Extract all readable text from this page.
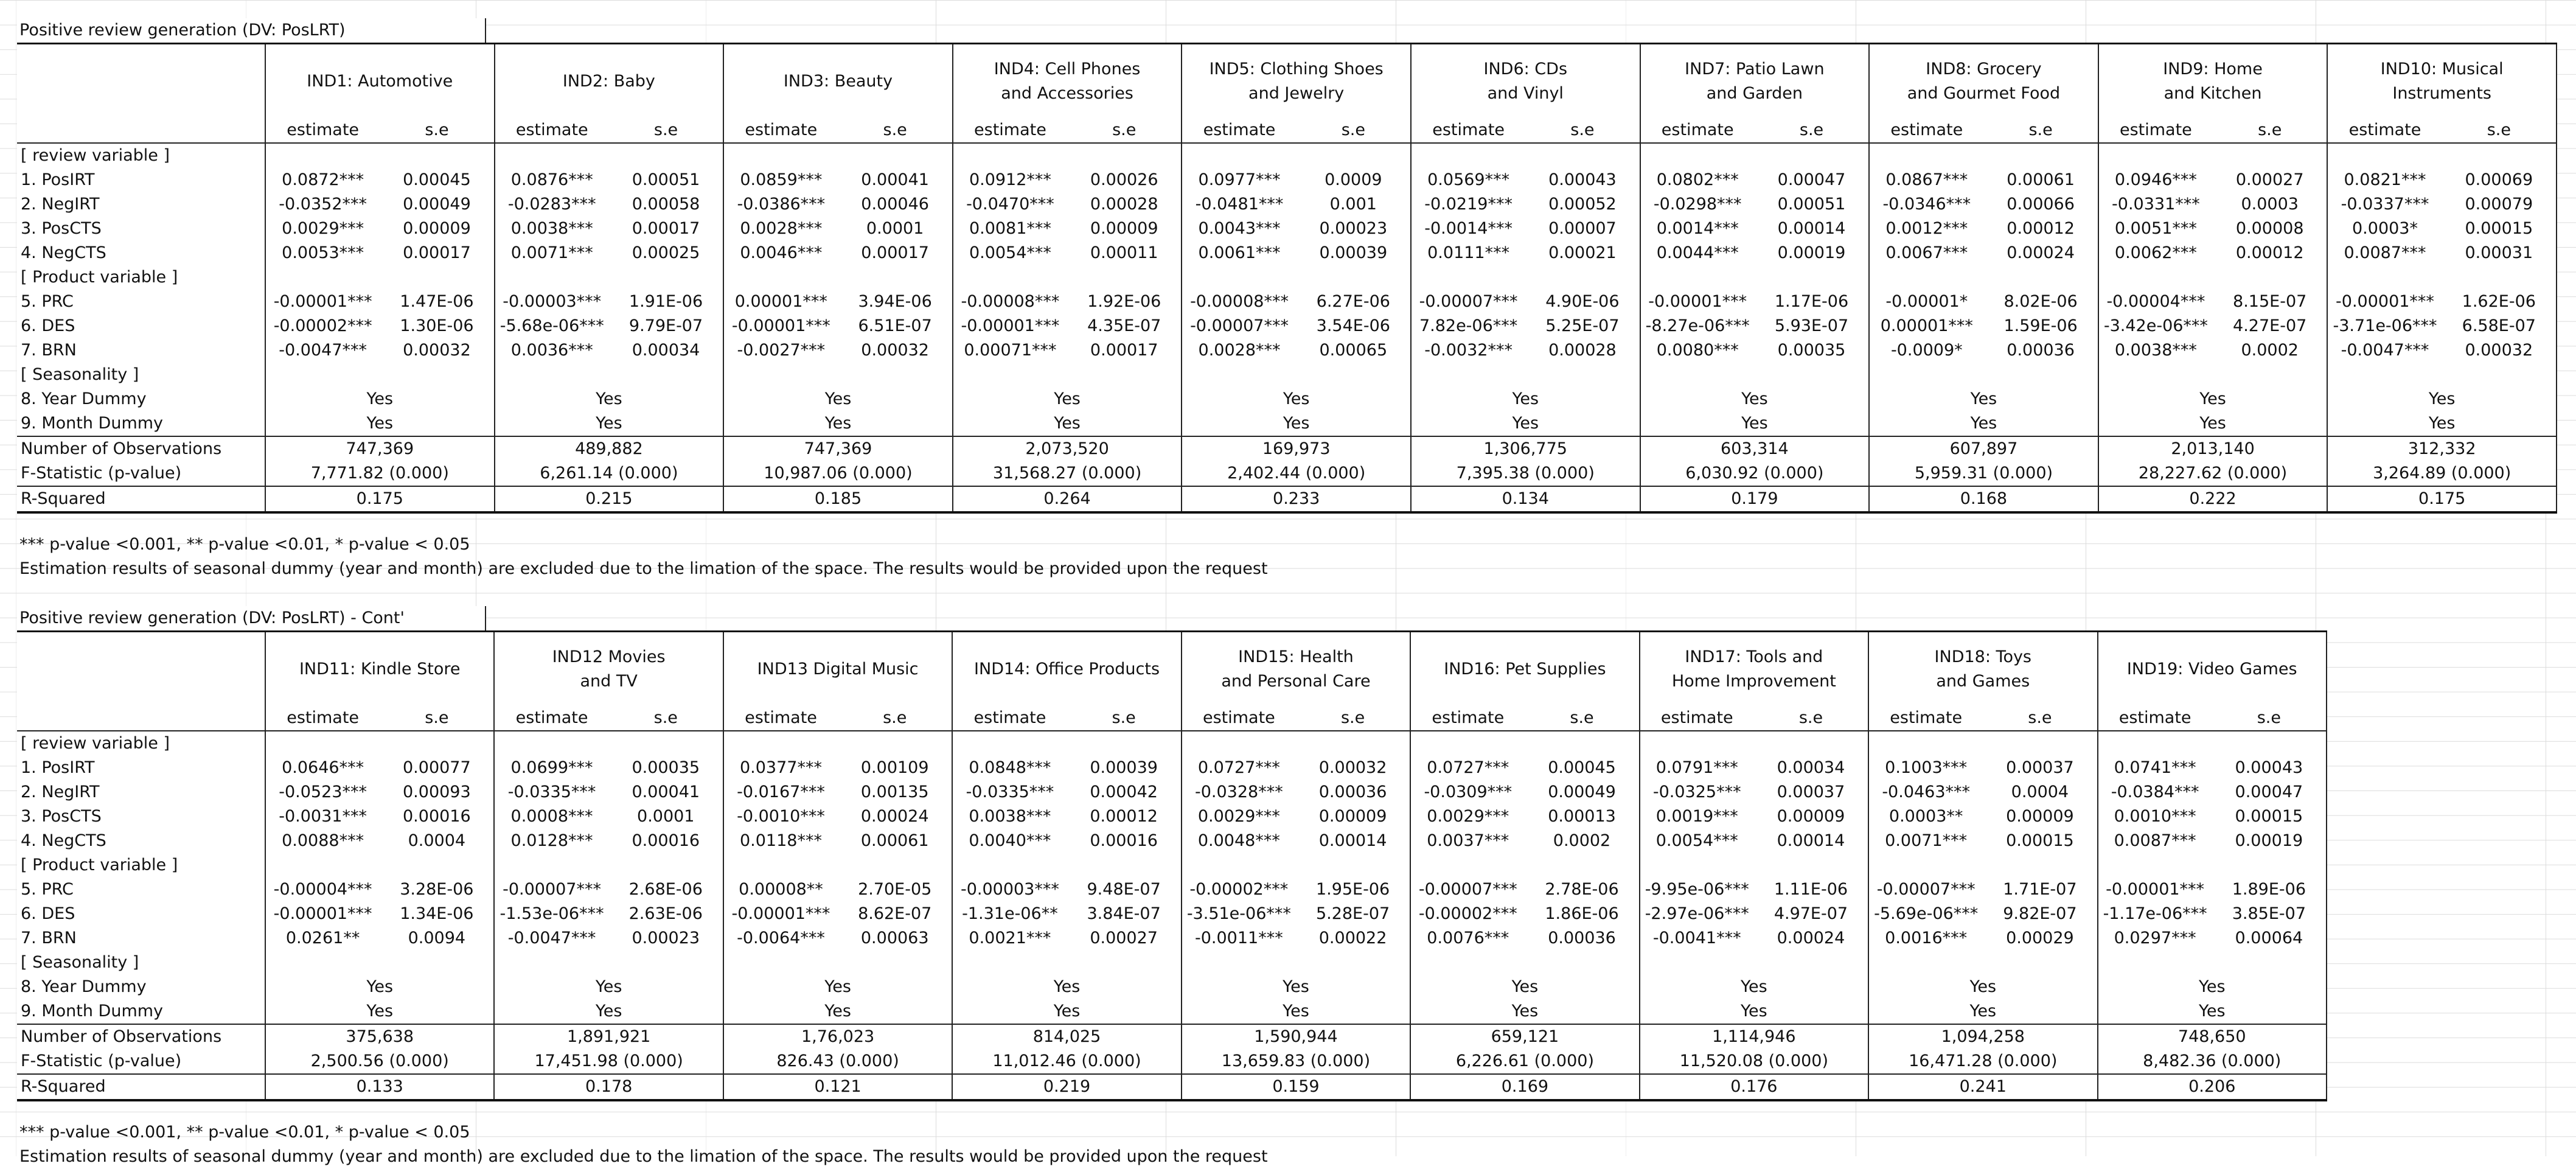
Positive review generation (DV: PosLRT)
	IND1: Automotive		IND2: Baby		IND3: Beauty		IND4: Cell Phones
and Accessories		IND5: Clothing Shoes
and Jewelry		IND6: CDs
and Vinyl		IND7: Patio Lawn
and Garden		IND8: Grocery
and Gourmet Food		IND9: Home
and Kitchen		IND10: Musical
Instruments	
	estimate	s.e	estimate	s.e	estimate	s.e	estimate	s.e	estimate	s.e	estimate	s.e	estimate	s.e	estimate	s.e	estimate	s.e	estimate	s.e
[ review variable ]																				
1. PosIRT	0.0872***	0.00045	0.0876***	0.00051	0.0859***	0.00041	0.0912***	0.00026	0.0977***	0.0009	0.0569***	0.00043	0.0802***	0.00047	0.0867***	0.00061	0.0946***	0.00027	0.0821***	0.00069
2. NegIRT	-0.0352***	0.00049	-0.0283***	0.00058	-0.0386***	0.00046	-0.0470***	0.00028	-0.0481***	0.001	-0.0219***	0.00052	-0.0298***	0.00051	-0.0346***	0.00066	-0.0331***	0.0003	-0.0337***	0.00079
3. PosCTS	0.0029***	0.00009	0.0038***	0.00017	0.0028***	0.0001	0.0081***	0.00009	0.0043***	0.00023	-0.0014***	0.00007	0.0014***	0.00014	0.0012***	0.00012	0.0051***	0.00008	0.0003*	0.00015
4. NegCTS	0.0053***	0.00017	0.0071***	0.00025	0.0046***	0.00017	0.0054***	0.00011	0.0061***	0.00039	0.0111***	0.00021	0.0044***	0.00019	0.0067***	0.00024	0.0062***	0.00012	0.0087***	0.00031
[ Product variable ]																				
5. PRC	-0.00001***	1.47E-06	-0.00003***	1.91E-06	0.00001***	3.94E-06	-0.00008***	1.92E-06	-0.00008***	6.27E-06	-0.00007***	4.90E-06	-0.00001***	1.17E-06	-0.00001*	8.02E-06	-0.00004***	8.15E-07	-0.00001***	1.62E-06
6. DES	-0.00002***	1.30E-06	-5.68e-06***	9.79E-07	-0.00001***	6.51E-07	-0.00001***	4.35E-07	-0.00007***	3.54E-06	7.82e-06***	5.25E-07	-8.27e-06***	5.93E-07	0.00001***	1.59E-06	-3.42e-06***	4.27E-07	-3.71e-06***	6.58E-07
7. BRN	-0.0047***	0.00032	0.0036***	0.00034	-0.0027***	0.00032	0.00071***	0.00017	0.0028***	0.00065	-0.0032***	0.00028	0.0080***	0.00035	-0.0009*	0.00036	0.0038***	0.0002	-0.0047***	0.00032
[ Seasonality ]																				
8. Year Dummy	Yes		Yes		Yes		Yes		Yes		Yes		Yes		Yes		Yes		Yes	
9. Month Dummy	Yes		Yes		Yes		Yes		Yes		Yes		Yes		Yes		Yes		Yes	
Number of Observations	747,369		489,882		747,369		2,073,520		169,973		1,306,775		603,314		607,897		2,013,140		312,332	
F-Statistic (p-value)	7,771.82 (0.000)		6,261.14 (0.000)		10,987.06 (0.000)		31,568.27 (0.000)		2,402.44 (0.000)		7,395.38 (0.000)		6,030.92 (0.000)		5,959.31 (0.000)		28,227.62 (0.000)		3,264.89 (0.000)	
R-Squared	0.175		0.215		0.185		0.264		0.233		0.134		0.179		0.168		0.222		0.175	
*** p-value <0.001, ** p-value <0.01, * p-value < 0.05
Estimation results of seasonal dummy (year and month) are excluded due to the limation of the space. The results would be provided upon the request
Positive review generation (DV: PosLRT) - Cont'
	IND11: Kindle Store		IND12 Movies
and TV		IND13 Digital Music		IND14: Office Products		IND15: Health
and Personal Care		IND16: Pet Supplies		IND17: Tools and
Home Improvement		IND18: Toys
and Games		IND19: Video Games	
	estimate	s.e	estimate	s.e	estimate	s.e	estimate	s.e	estimate	s.e	estimate	s.e	estimate	s.e	estimate	s.e	estimate	s.e
[ review variable ]																		
1. PosIRT	0.0646***	0.00077	0.0699***	0.00035	0.0377***	0.00109	0.0848***	0.00039	0.0727***	0.00032	0.0727***	0.00045	0.0791***	0.00034	0.1003***	0.00037	0.0741***	0.00043
2. NegIRT	-0.0523***	0.00093	-0.0335***	0.00041	-0.0167***	0.00135	-0.0335***	0.00042	-0.0328***	0.00036	-0.0309***	0.00049	-0.0325***	0.00037	-0.0463***	0.0004	-0.0384***	0.00047
3. PosCTS	-0.0031***	0.00016	0.0008***	0.0001	-0.0010***	0.00024	0.0038***	0.00012	0.0029***	0.00009	0.0029***	0.00013	0.0019***	0.00009	0.0003**	0.00009	0.0010***	0.00015
4. NegCTS	0.0088***	0.0004	0.0128***	0.00016	0.0118***	0.00061	0.0040***	0.00016	0.0048***	0.00014	0.0037***	0.0002	0.0054***	0.00014	0.0071***	0.00015	0.0087***	0.00019
[ Product variable ]																		
5. PRC	-0.00004***	3.28E-06	-0.00007***	2.68E-06	0.00008**	2.70E-05	-0.00003***	9.48E-07	-0.00002***	1.95E-06	-0.00007***	2.78E-06	-9.95e-06***	1.11E-06	-0.00007***	1.71E-07	-0.00001***	1.89E-06
6. DES	-0.00001***	1.34E-06	-1.53e-06***	2.63E-06	-0.00001***	8.62E-07	-1.31e-06**	3.84E-07	-3.51e-06***	5.28E-07	-0.00002***	1.86E-06	-2.97e-06***	4.97E-07	-5.69e-06***	9.82E-07	-1.17e-06***	3.85E-07
7. BRN	0.0261**	0.0094	-0.0047***	0.00023	-0.0064***	0.00063	0.0021***	0.00027	-0.0011***	0.00022	0.0076***	0.00036	-0.0041***	0.00024	0.0016***	0.00029	0.0297***	0.00064
[ Seasonality ]																		
8. Year Dummy	Yes		Yes		Yes		Yes		Yes		Yes		Yes		Yes		Yes	
9. Month Dummy	Yes		Yes		Yes		Yes		Yes		Yes		Yes		Yes		Yes	
Number of Observations	375,638		1,891,921		1,76,023		814,025		1,590,944		659,121		1,114,946		1,094,258		748,650	
F-Statistic (p-value)	2,500.56 (0.000)		17,451.98 (0.000)		826.43 (0.000)		11,012.46 (0.000)		13,659.83 (0.000)		6,226.61 (0.000)		11,520.08 (0.000)		16,471.28 (0.000)		8,482.36 (0.000)	
R-Squared	0.133		0.178		0.121		0.219		0.159		0.169		0.176		0.241		0.206	
*** p-value <0.001, ** p-value <0.01, * p-value < 0.05
Estimation results of seasonal dummy (year and month) are excluded due to the limation of the space. The results would be provided upon the request
